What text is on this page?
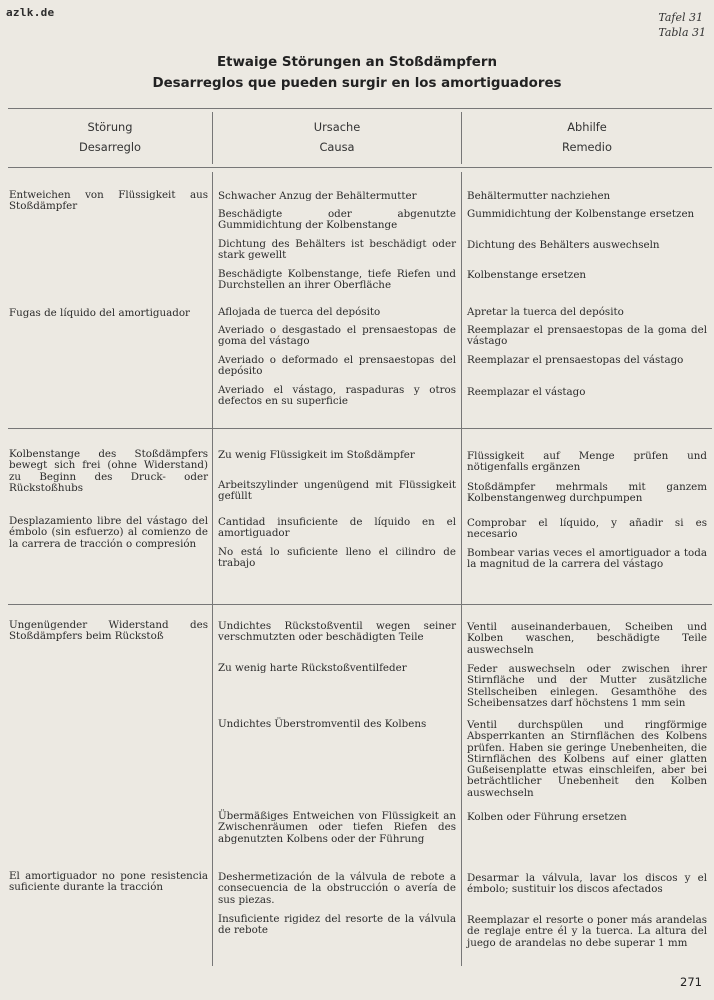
azlk.de	Tafel 31
Tabla 31
Etwaige Störungen an Stoßdämpfern
Desarreglos que pueden surgir en los amortiguadores
Störung
Desarreglo
Ursache
Causa
Abhilfe
Remedio
Entweichen von Flüssigkeit aus Stoßdämpfer
Fugas de líquido del amortiguador
Schwacher Anzug der Behältermutter
Beschädigte oder abgenutzte Gummidichtung der Kolbenstange
Dichtung des Behälters ist beschädigt oder stark gewellt
Beschädigte Kolbenstange, tiefe Riefen und Durchstellen an ihrer Oberfläche
Aflojada de tuerca del depósito
Averiado o desgastado el prensaestopas de goma del vástago
Averiado o deformado el prensaestopas del depósito
Averiado el vástago, raspaduras y otros defectos en su superficie
Behältermutter nachziehen
Gummidichtung der Kolbenstange ersetzen
Dichtung des Behälters auswechseln
Kolbenstange ersetzen
Apretar la tuerca del depósito
Reemplazar el prensaestopas de la goma del vástago
Reemplazar el prensaestopas del vástago
Reemplazar el vástago
Kolbenstange des Stoßdämpfers bewegt sich frei (ohne Widerstand) zu Beginn des Druck- oder Rückstoßhubs
Desplazamiento libre del vástago del émbolo (sin esfuerzo) al comienzo de la carrera de tracción o compresión
Zu wenig Flüssigkeit im Stoßdämpfer
Arbeitszylinder ungenügend mit Flüssigkeit gefüllt
Cantidad insuficiente de líquido en el amortiguador
No está lo suficiente lleno el cilindro de trabajo
Flüssigkeit auf Menge prüfen und nötigenfalls ergänzen
Stoßdämpfer mehrmals mit ganzem Kolbenstangenweg durchpumpen
Comprobar el líquido, y añadir si es necesario
Bombear varias veces el amortiguador a toda la magnitud de la carrera del vástago
Ungenügender Widerstand des Stoßdämpfers beim Rückstoß
El amortiguador no pone resistencia suficiente durante la tracción
Undichtes Rückstoßventil wegen seiner verschmutzten oder beschädigten Teile
Zu wenig harte Rückstoßventilfeder
Undichtes Überstromventil des Kolbens
Übermäßiges Entweichen von Flüssigkeit an Zwischenräumen oder tiefen Riefen des abgenutzten Kolbens oder der Führung
Deshermetización de la válvula de rebote a consecuencia de la obstrucción o avería de sus piezas.
Insuficiente rigidez del resorte de la válvula de rebote
Ventil auseinanderbauen, Scheiben und Kolben waschen, beschädigte Teile auswechseln
Feder auswechseln oder zwischen ihrer Stirnfläche und der Mutter zusätzliche Stellscheiben einlegen. Gesamthöhe des Scheibensatzes darf höchstens 1 mm sein
Ventil durchspülen und ringförmige Absperrkanten an Stirnflächen des Kolbens prüfen. Haben sie geringe Unebenheiten, die Stirnflächen des Kolbens auf einer glatten Gußeisenplatte etwas einschleifen, aber bei beträchtlicher Unebenheit den Kolben auswechseln
Kolben oder Führung ersetzen
Desarmar la válvula, lavar los discos y el émbolo; sustituir los discos afectados
Reemplazar el resorte o poner más arandelas de reglaje entre él y la tuerca. La altura del juego de arandelas no debe superar 1 mm
271
